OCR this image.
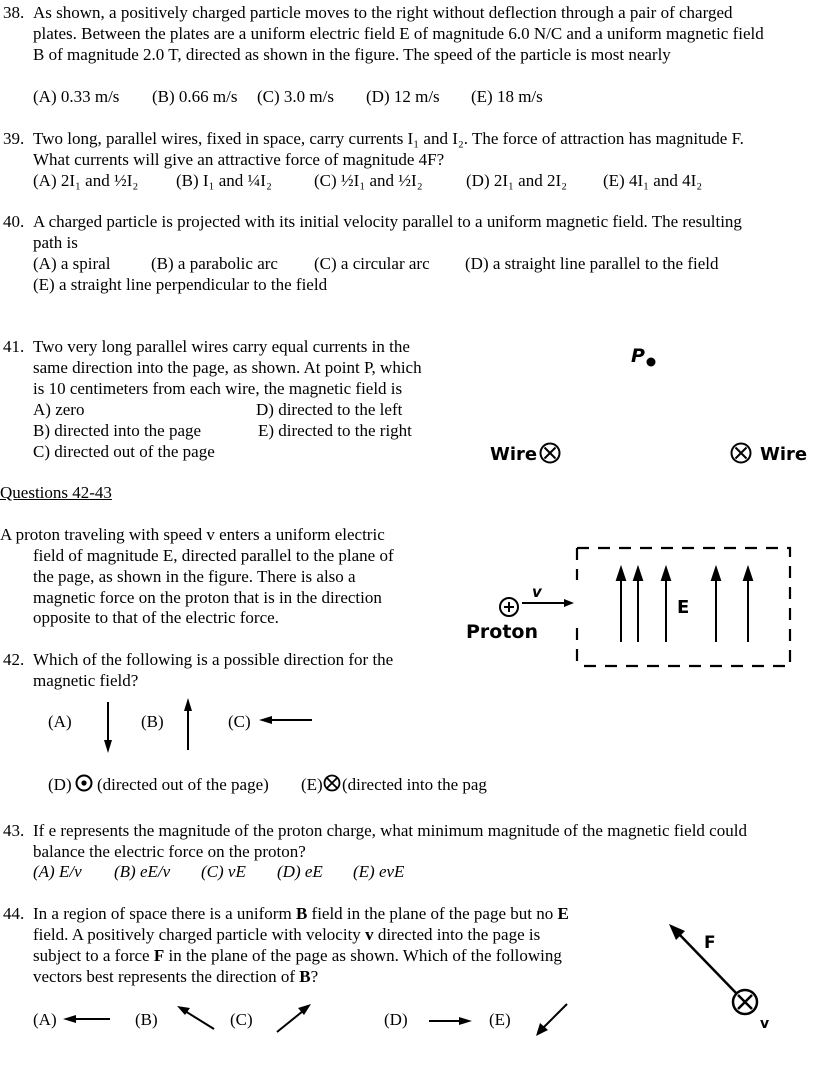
38. As shown, a positively charged particle moves to the right without deflection through a pair of charged
plates. Between the plates are a uniform electric field E of magnitude 6.0 N/C and a uniform magnetic field
B of magnitude 2.0 T, directed as shown in the figure. The speed of the particle is most nearly
(A) 0.33 m/s (B) 0.66 m/s (C) 3.0 m/s (D) 12 m/s (E) 18 m/s
39. Two long, parallel wires, fixed in space, carry currents I₁ and I₂. The force of attraction has magnitude F.
What currents will give an attractive force of magnitude 4F?
(A) 2I₁ and ½I₂ (B) I₁ and ¼I₂ (C) ½I₁ and ½I₂	(D) 2I₁ and 2I₂ (E) 4I₁ and 4I₂
40. A charged particle is projected with its initial velocity parallel to a uniform magnetic field. The resulting
path is
(A) a spiral (B) a parabolic arc (C) a circular arc (D) a straight line parallel to the field
(E) a straight line perpendicular to the field
41. Two very long parallel wires carry equal currents in the
same direction into the page, as shown. At point P, which
is 10 centimeters from each wire, the magnetic field is
A) zero	D) directed to the left
B) directed into the page	E) directed to the right
C) directed out of the page
P
Wire	Wire
Questions 42-43
A proton traveling with speed v enters a uniform electric
field of magnitude E, directed parallel to the plane of
the page, as shown in the figure. There is also a
magnetic force on the proton that is in the direction
opposite to that of the electric force.
v
E
Proton
42. Which of the following is a possible direction for the
magnetic field?
(A)	(B)	(C)
(D) (directed out of the page) (E) (directed into the pag
43. If e represents the magnitude of the proton charge, what minimum magnitude of the magnetic field could
balance the electric force on the proton?
(A) E/v (B) eE/v (C) vE (D) eE (E) evE
44. In a region of space there is a uniform B field in the plane of the page but no E
field. A positively charged particle with velocity v directed into the page is
subject to a force F in the plane of the page as shown. Which of the following
vectors best represents the direction of B?
(A)	(B)	(C)	(D)	(E)
F
v
